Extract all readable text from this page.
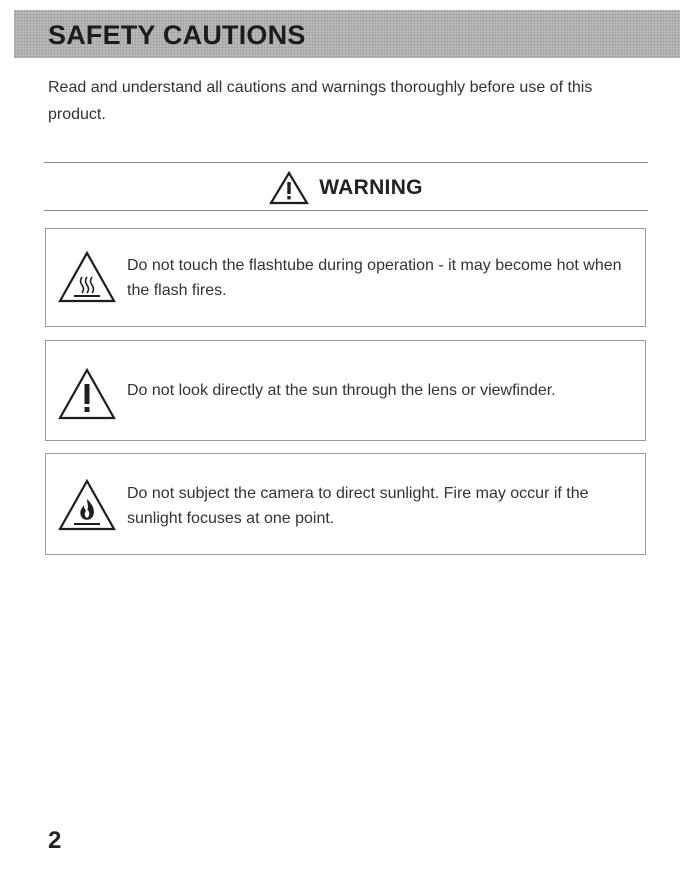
SAFETY CAUTIONS

Read and understand all cautions and warnings thoroughly before use of this product.

WARNING

Do not touch the flashtube during operation - it may become hot when the flash fires.

Do not look directly at the sun through the lens or viewfinder.

Do not subject the camera to direct sunlight. Fire may occur if the sunlight focuses at one point.

2
